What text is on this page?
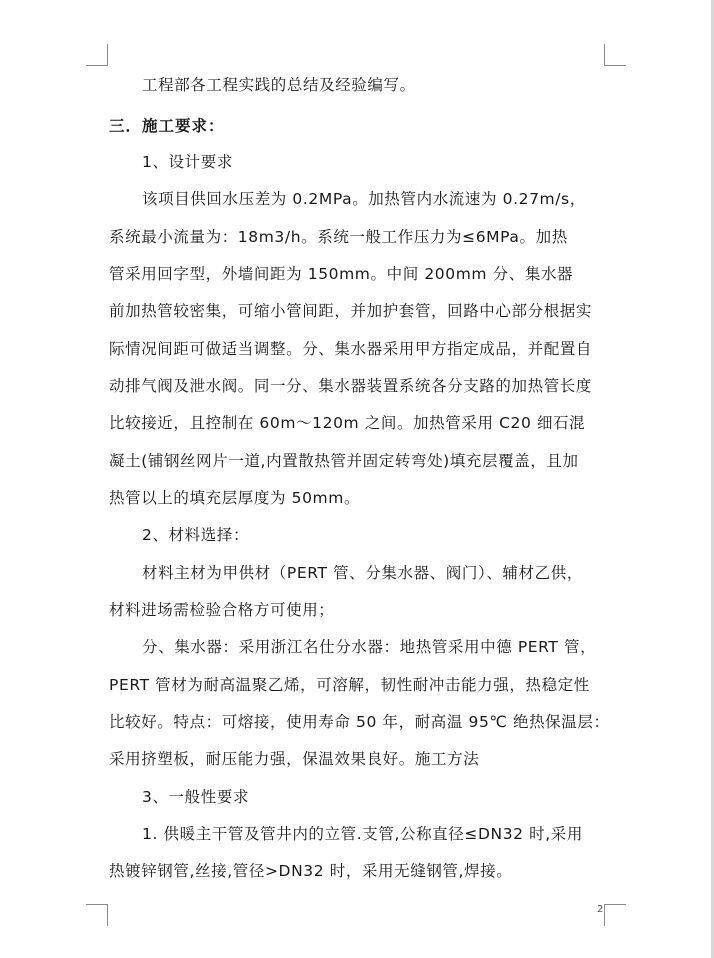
工程部各工程实践的总结及经验编写。
三．施工要求：
1、设计要求
该项目供回水压差为 0.2MPa。加热管内水流速为 0.27m/s，
系统最小流量为：18m3/h。系统一般工作压力为≤6MPa。加热
管采用回字型，外墙间距为 150mm。中间 200mm 分、集水器
前加热管较密集，可缩小管间距，并加护套管，回路中心部分根据实
际情况间距可做适当调整。分、集水器采用甲方指定成品，并配置自
动排气阀及泄水阀。同一分、集水器装置系统各分支路的加热管长度
比较接近，且控制在 60m～120m 之间。加热管采用 C20 细石混
凝土(铺钢丝网片一道,内置散热管并固定转弯处)填充层覆盖，且加
热管以上的填充层厚度为 50mm。
2、材料选择：
材料主材为甲供材（PERT 管、分集水器、阀门）、辅材乙供，
材料进场需检验合格方可使用；
分、集水器：采用浙江名仕分水器：地热管采用中德 PERT 管，
PERT 管材为耐高温聚乙烯，可溶解，韧性耐冲击能力强，热稳定性
比较好。特点：可熔接，使用寿命 50 年，耐高温 95℃ 绝热保温层：
采用挤塑板，耐压能力强，保温效果良好。施工方法
3、一般性要求
1. 供暖主干管及管井内的立管.支管,公称直径≤DN32 时,采用
热镀锌钢管,丝接,管径>DN32 时，采用无缝钢管,焊接。
2
